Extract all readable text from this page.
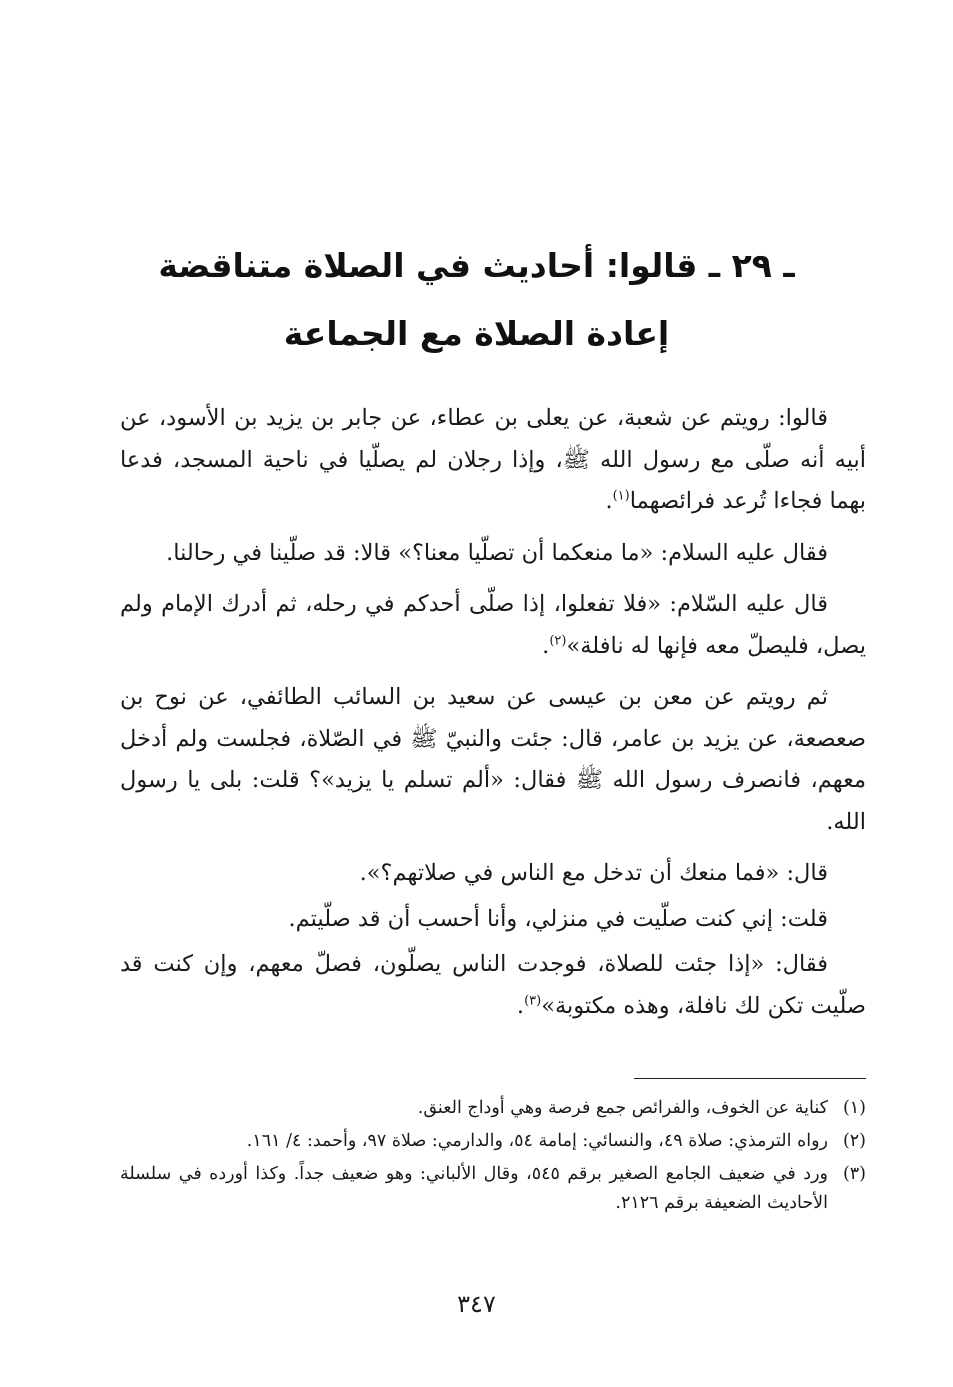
ـ ٢٩ ـ قالوا: أحاديث في الصلاة متناقضة
إعادة الصلاة مع الجماعة

قالوا: رويتم عن شعبة، عن يعلى بن عطاء، عن جابر بن يزيد بن الأسود، عن أبيه أنه صلّى مع رسول الله ﷺ، وإذا رجلان لم يصلّيا في ناحية المسجد، فدعا بهما فجاءا تُرعد فرائصهما$^{(١)}$.

فقال عليه السلام: «ما منعكما أن تصلّيا معنا؟» قالا: قد صلّينا في رحالنا.

قال عليه السّلام: «فلا تفعلوا، إذا صلّى أحدكم في رحله، ثم أدرك الإمام ولم يصل، فليصلّ معه فإنها له نافلة»$^{(٢)}$.

ثم رويتم عن معن بن عيسى عن سعيد بن السائب الطائفي، عن نوح بن صعصعة، عن يزيد بن عامر، قال: جئت والنبيّ ﷺ في الصّلاة، فجلست ولم أدخل معهم، فانصرف رسول الله ﷺ فقال: «ألم تسلم يا يزيد»؟ قلت: بلى يا رسول الله.

قال: «فما منعك أن تدخل مع الناس في صلاتهم؟».

قلت: إني كنت صلّيت في منزلي، وأنا أحسب أن قد صلّيتم.

فقال: «إذا جئت للصلاة، فوجدت الناس يصلّون، فصلّ معهم، وإن كنت قد صلّيت تكن لك نافلة، وهذه مكتوبة»$^{(٣)}$.

(١)
كناية عن الخوف، والفرائص جمع فرصة وهي أوداج العنق.
(٢)
رواه الترمذي: صلاة ٤٩، والنسائي: إمامة ٥٤، والدارمي: صلاة ٩٧، وأحمد: ٤/ ١٦١.
(٣)
ورد في ضعيف الجامع الصغير برقم ٥٤٥، وقال الألباني: وهو ضعيف جداً. وكذا أورده في سلسلة الأحاديث الضعيفة برقم ٢١٢٦.
٣٤٧
